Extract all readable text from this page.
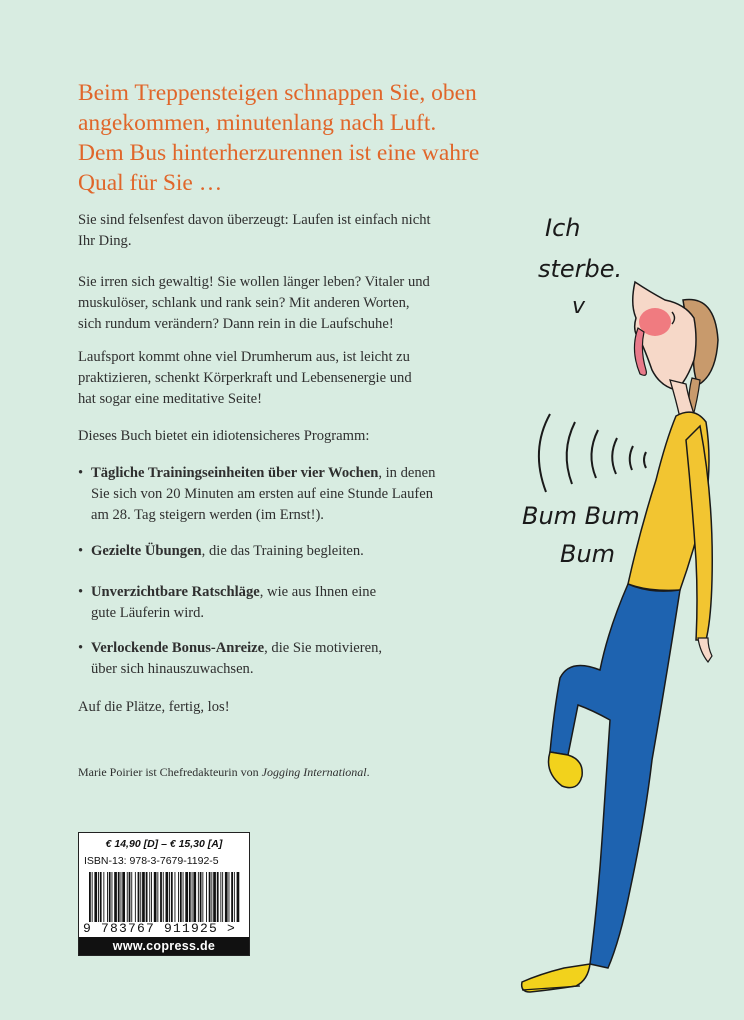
Beim Treppensteigen schnappen Sie, oben
angekommen, minutenlang nach Luft.
Dem Bus hinterherzurennen ist eine wahre
Qual für Sie …
Sie sind felsenfest davon überzeugt: Laufen ist einfach nicht
Ihr Ding.
Sie irren sich gewaltig! Sie wollen länger leben? Vitaler und
muskulöser, schlank und rank sein? Mit anderen Worten,
sich rundum verändern? Dann rein in die Laufschuhe!
Laufsport kommt ohne viel Drumherum aus, ist leicht zu
praktizieren, schenkt Körperkraft und Lebensenergie und
hat sogar eine meditative Seite!
Dieses Buch bietet ein idiotensicheres Programm:
• Tägliche Trainingseinheiten über vier Wochen, in denen
Sie sich von 20 Minuten am ersten auf eine Stunde Laufen
am 28. Tag steigern werden (im Ernst!).
• Gezielte Übungen, die das Training begleiten.
• Unverzichtbare Ratschläge, wie aus Ihnen eine
gute Läuferin wird.
• Verlockende Bonus-Anreize, die Sie motivieren,
über sich hinauszuwachsen.
Auf die Plätze, fertig, los!
Marie Poirier ist Chefredakteurin von Jogging International.
€ 14,90 [D] – € 15,30 [A]
ISBN-13: 978-3-7679-1192-5
9 783767 911925 >
www.copress.de
Ich
sterbe.
v
Bum Bum
Bum
